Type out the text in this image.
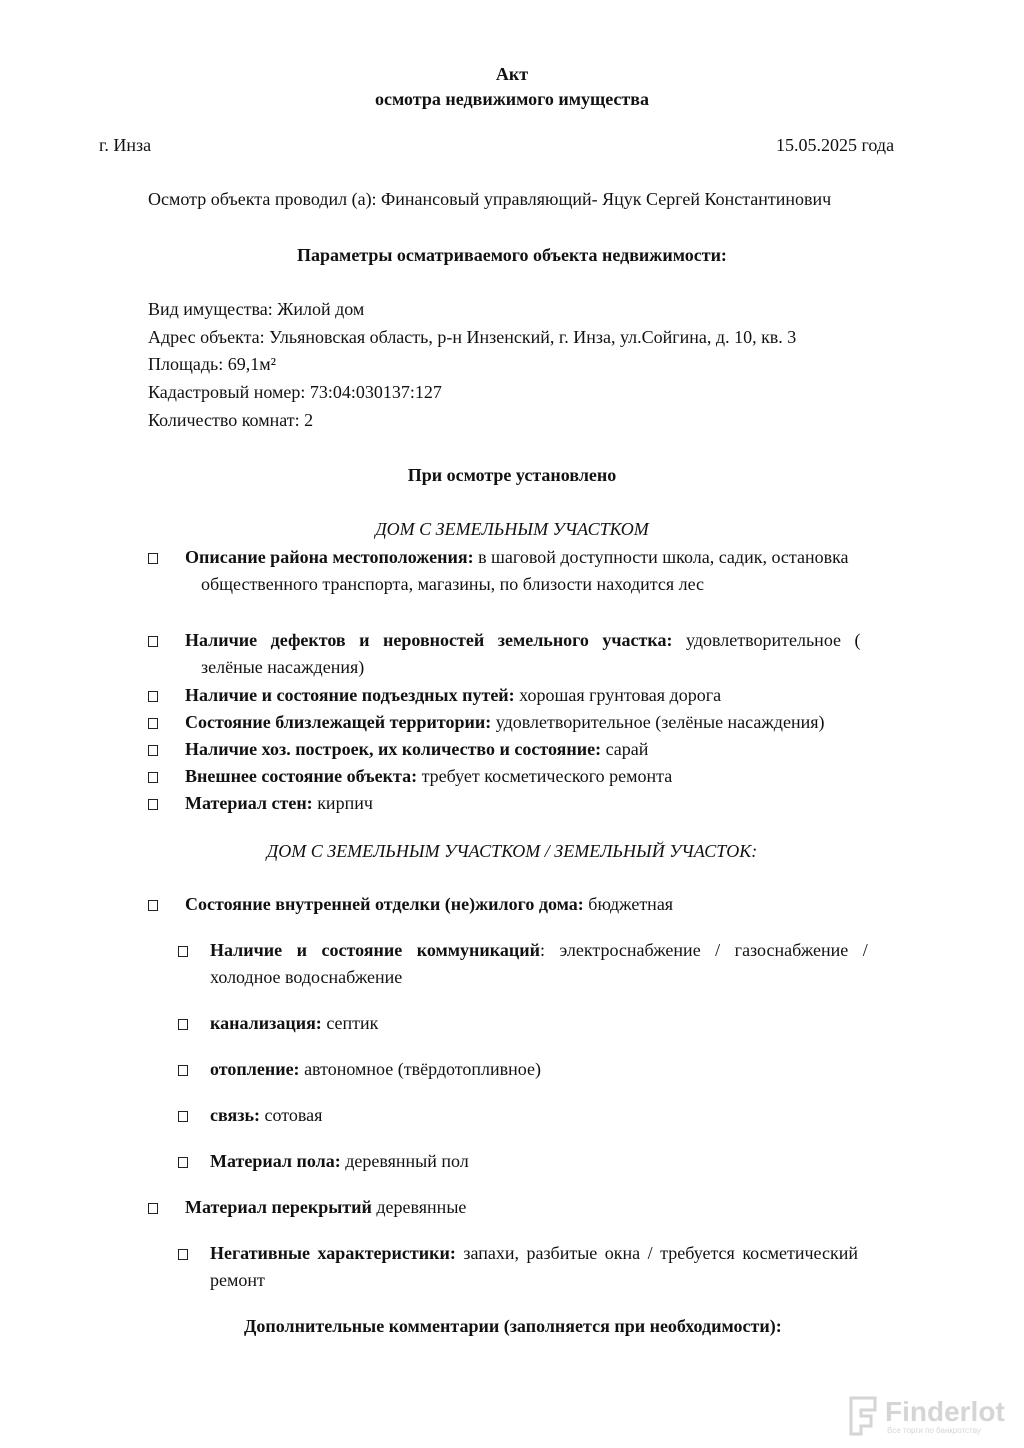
Акт
осмотра недвижимого имущества
г. Инза	15.05.2025 года
Осмотр объекта проводил (а): Финансовый управляющий- Яцук Сергей Константинович
Параметры осматриваемого объекта недвижимости:
Вид имущества: Жилой дом
Адрес объекта: Ульяновская область, р-н Инзенский, г. Инза, ул.Сойгина, д. 10, кв. 3
Площадь: 69,1м²
Кадастровый номер: 73:04:030137:127
Количество комнат: 2
При осмотре установлено
ДОМ С ЗЕМЕЛЬНЫМ УЧАСТКОМ
Описание района местоположения: в шаговой доступности школа, садик, остановка
общественного транспорта, магазины, по близости находится лес
Наличие дефектов и неровностей земельного участка: удовлетворительное (
зелёные насаждения)
Наличие и состояние подъездных путей: хорошая грунтовая дорога
Состояние близлежащей территории: удовлетворительное (зелёные насаждения)
Наличие хоз. построек, их количество и состояние: сарай
Внешнее состояние объекта: требует косметического ремонта
Материал стен: кирпич
ДОМ С ЗЕМЕЛЬНЫМ УЧАСТКОМ / ЗЕМЕЛЬНЫЙ УЧАСТОК:
Состояние внутренней отделки (не)жилого дома: бюджетная
Наличие и состояние коммуникаций: электроснабжение / газоснабжение /
холодное водоснабжение
канализация: септик
отопление: автономное (твёрдотопливное)
связь: сотовая
Материал пола: деревянный пол
Материал перекрытий деревянные
Негативные характеристики: запахи, разбитые окна / требуется косметический
ремонт
Дополнительные комментарии (заполняется при необходимости):
Finderlot
Все торги по банкротству
